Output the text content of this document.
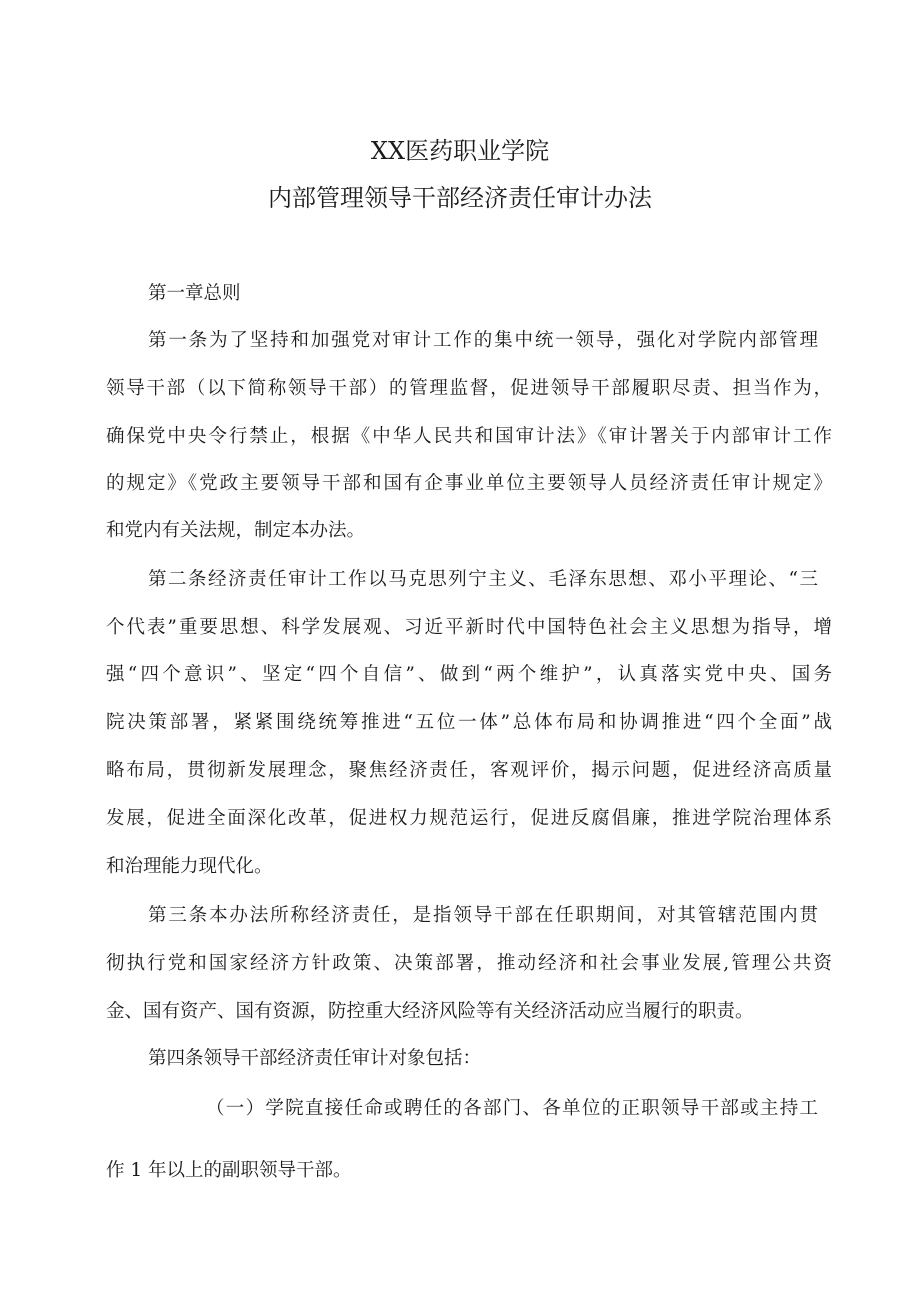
XX医药职业学院
内部管理领导干部经济责任审计办法
第一章总则
第一条为了坚持和加强党对审计工作的集中统一领导，强化对学院内部管理
领导干部（以下简称领导干部）的管理监督，促进领导干部履职尽责、担当作为，
确保党中央令行禁止，根据《中华人民共和国审计法》《审计署关于内部审计工作
的规定》《党政主要领导干部和国有企事业单位主要领导人员经济责任审计规定》
和党内有关法规，制定本办法。
第二条经济责任审计工作以马克思列宁主义、毛泽东思想、邓小平理论、“三
个代表”重要思想、科学发展观、习近平新时代中国特色社会主义思想为指导，增
强“四个意识”、坚定“四个自信”、做到“两个维护”，认真落实党中央、国务
院决策部署，紧紧围绕统筹推进“五位一体”总体布局和协调推进“四个全面”战
略布局，贯彻新发展理念，聚焦经济责任，客观评价，揭示问题，促进经济高质量
发展，促进全面深化改革，促进权力规范运行，促进反腐倡廉，推进学院治理体系
和治理能力现代化。
第三条本办法所称经济责任，是指领导干部在任职期间，对其管辖范围内贯
彻执行党和国家经济方针政策、决策部署，推动经济和社会事业发展,管理公共资
金、国有资产、国有资源，防控重大经济风险等有关经济活动应当履行的职责。
第四条领导干部经济责任审计对象包括：
（一）学院直接任命或聘任的各部门、各单位的正职领导干部或主持工
作 1 年以上的副职领导干部。
